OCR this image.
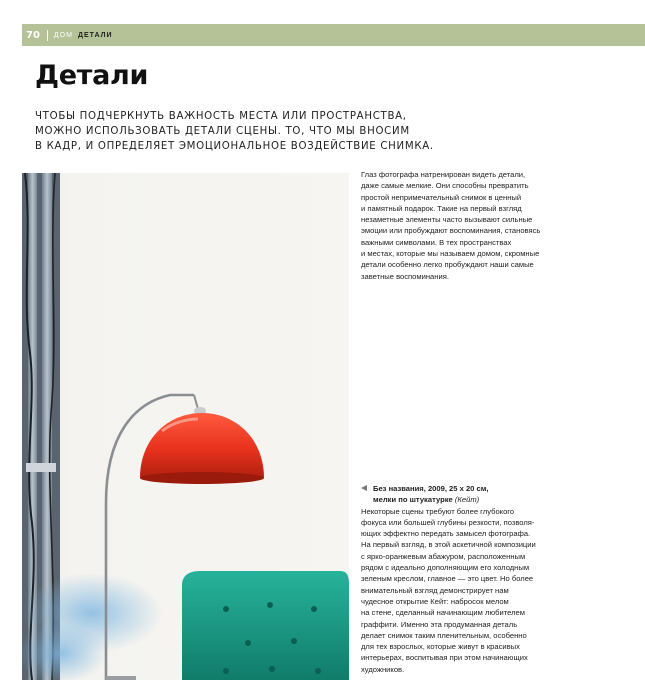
70 ДОМ ДЕТАЛИ
Детали
ЧТОБЫ ПОДЧЕРКНУТЬ ВАЖНОСТЬ МЕСТА ИЛИ ПРОСТРАНСТВА,
МОЖНО ИСПОЛЬЗОВАТЬ ДЕТАЛИ СЦЕНЫ. ТО, ЧТО МЫ ВНОСИМ
В КАДР, И ОПРЕДЕЛЯЕТ ЭМОЦИОНАЛЬНОЕ ВОЗДЕЙСТВИЕ СНИМКА.
Глаз фотографа натренирован видеть детали,
даже самые мелкие. Они способны превратить
простой непримечательный снимок в ценный
и памятный подарок. Такие на первый взгляд
незаметные элементы часто вызывают сильные
эмоции или пробуждают воспоминания, становясь
важными символами. В тех пространствах
и местах, которые мы называем домом, скромные
детали особенно легко пробуждают наши самые
заветные воспоминания.
Без названия, 2009, 25 x 20 см,
мелки по штукатурке (Кейт)
Некоторые сцены требуют более глубокого
фокуса или большей глубины резкости, позволя-
ющих эффектно передать замысел фотографа.
На первый взгляд, в этой аскетичной композиции
с ярко-оранжевым абажуром, расположенным
рядом с идеально дополняющим его холодным
зеленым креслом, главное — это цвет. Но более
внимательный взгляд демонстрирует нам
чудесное открытие Кейт: набросок мелом
на стене, сделанный начинающим любителем
граффити. Именно эта продуманная деталь
делает снимок таким пленительным, особенно
для тех взрослых, которые живут в красивых
интерьерах, воспитывая при этом начинающих
художников.
